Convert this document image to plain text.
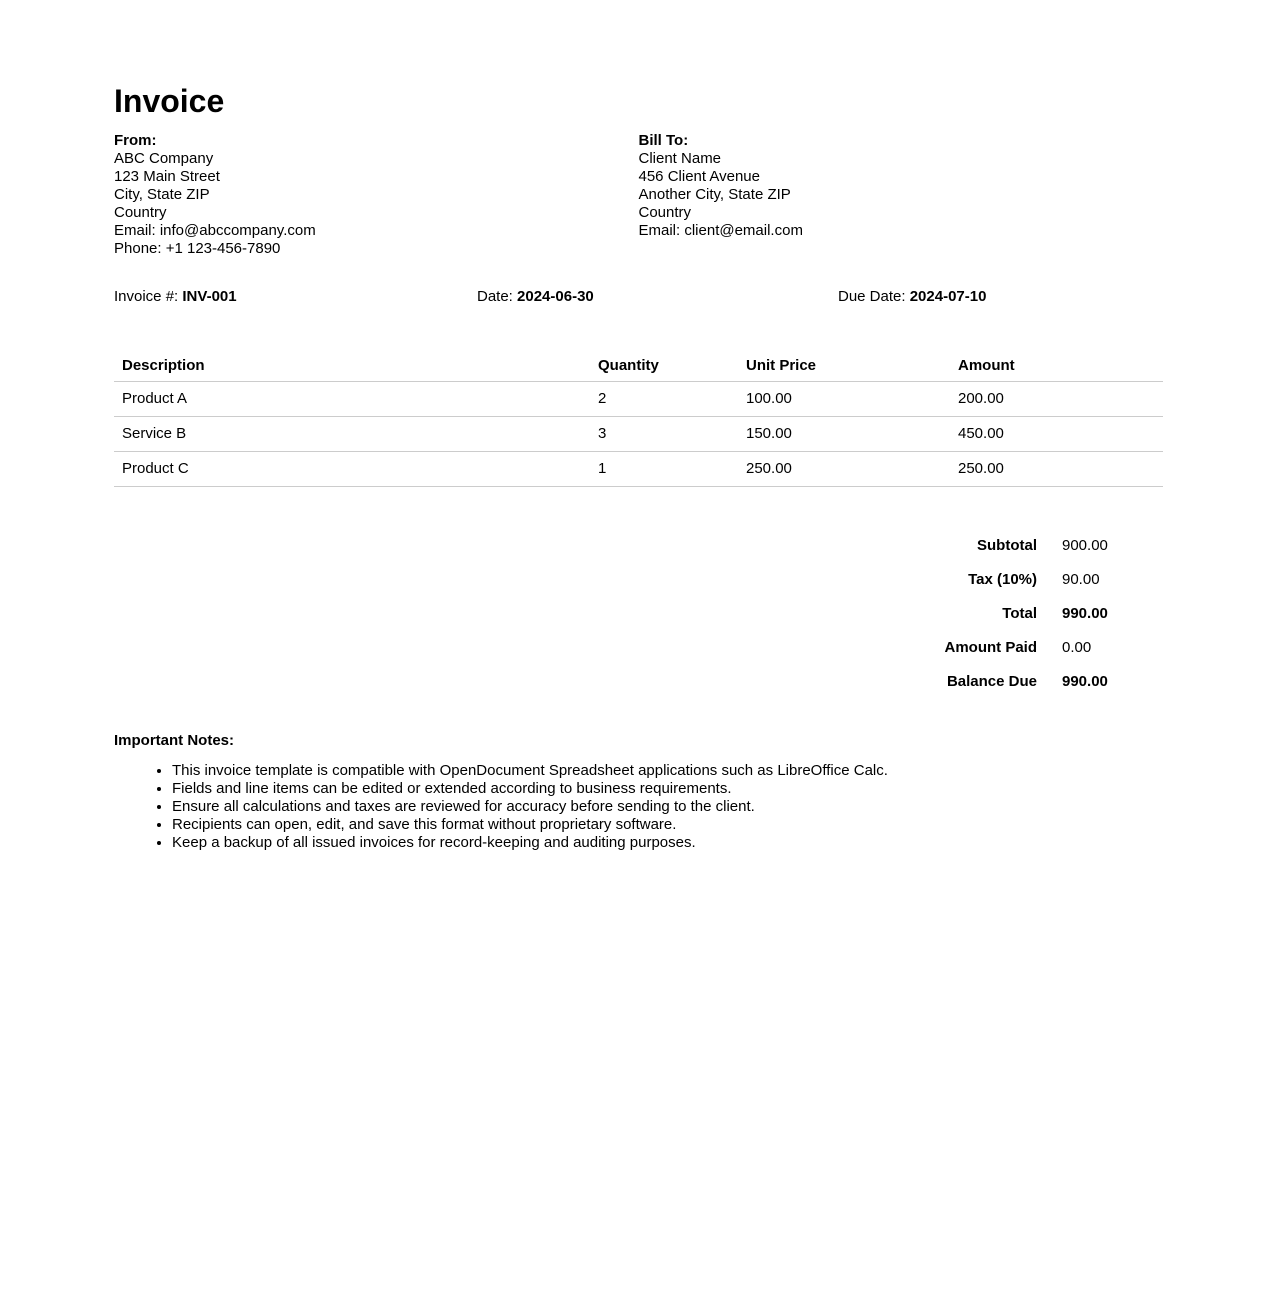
Invoice
From:
ABC Company
123 Main Street
City, State ZIP
Country
Email: info@abccompany.com
Phone: +1 123-456-7890
Bill To:
Client Name
456 Client Avenue
Another City, State ZIP
Country
Email: client@email.com
Invoice #: INV-001	Date: 2024-06-30	Due Date: 2024-07-10
Description	Quantity	Unit Price	Amount
Product A	2	100.00	200.00
Service B	3	150.00	450.00
Product C	1	250.00	250.00
Subtotal 900.00
Tax (10%) 90.00
Total 990.00
Amount Paid 0.00
Balance Due 990.00
Important Notes:
• This invoice template is compatible with OpenDocument Spreadsheet applications such as LibreOffice Calc.
• Fields and line items can be edited or extended according to business requirements.
• Ensure all calculations and taxes are reviewed for accuracy before sending to the client.
• Recipients can open, edit, and save this format without proprietary software.
• Keep a backup of all issued invoices for record-keeping and auditing purposes.
